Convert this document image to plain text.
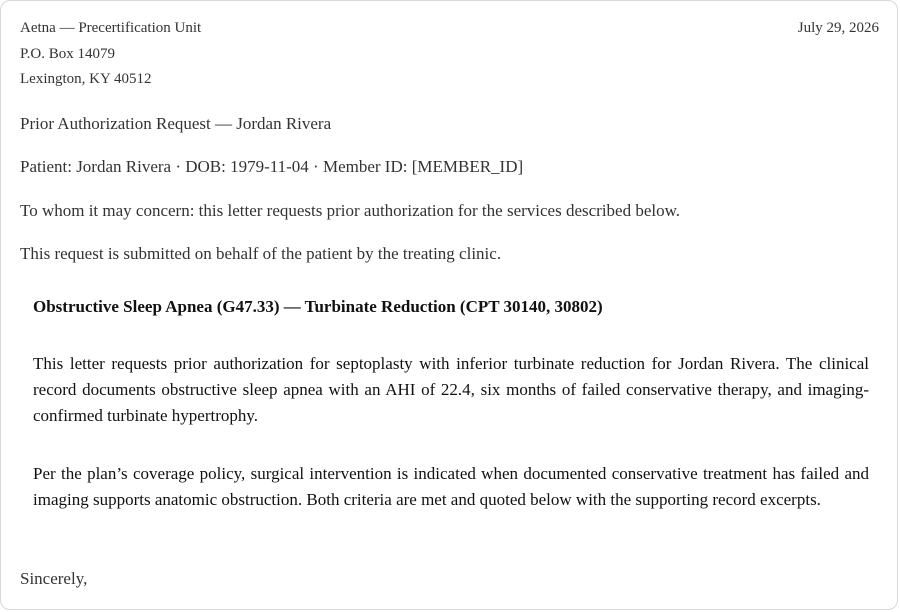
July 29, 2026
Aetna — Precertification Unit
P.O. Box 14079
Lexington, KY 40512
Prior Authorization Request — Jordan Rivera
Patient: Jordan Rivera · DOB: 1979-11-04 · Member ID: [MEMBER_ID]
To whom it may concern: this letter requests prior authorization for the services described below.
This request is submitted on behalf of the patient by the treating clinic.

Obstructive Sleep Apnea (G47.33) — Turbinate Reduction (CPT 30140, 30802)

This letter requests prior authorization for septoplasty with inferior turbinate reduction for Jordan Rivera. The clinical record documents obstructive sleep apnea with an AHI of 22.4, six months of failed conservative therapy, and imaging-confirmed turbinate hypertrophy.

Per the plan’s coverage policy, surgical intervention is indicated when documented conservative treatment has failed and imaging supports anatomic obstruction. Both criteria are met and quoted below with the supporting record excerpts.

Sincerely,
